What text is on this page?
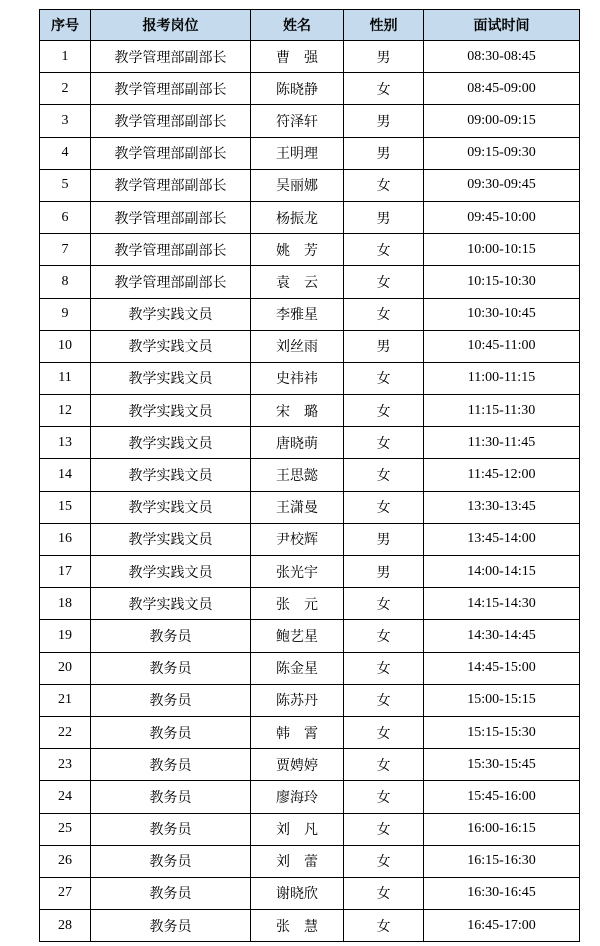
序号	报考岗位	姓名	性别	面试时间
1	教学管理部副部长	曹　强	男	08:30-08:45
2	教学管理部副部长	陈晓静	女	08:45-09:00
3	教学管理部副部长	符泽轩	男	09:00-09:15
4	教学管理部副部长	王明理	男	09:15-09:30
5	教学管理部副部长	吴丽娜	女	09:30-09:45
6	教学管理部副部长	杨振龙	男	09:45-10:00
7	教学管理部副部长	姚　芳	女	10:00-10:15
8	教学管理部副部长	袁　云	女	10:15-10:30
9	教学实践文员	李雅星	女	10:30-10:45
10	教学实践文员	刘丝雨	男	10:45-11:00
11	教学实践文员	史祎祎	女	11:00-11:15
12	教学实践文员	宋　璐	女	11:15-11:30
13	教学实践文员	唐晓萌	女	11:30-11:45
14	教学实践文员	王思懿	女	11:45-12:00
15	教学实践文员	王潇曼	女	13:30-13:45
16	教学实践文员	尹校辉	男	13:45-14:00
17	教学实践文员	张光宇	男	14:00-14:15
18	教学实践文员	张　元	女	14:15-14:30
19	教务员	鲍艺星	女	14:30-14:45
20	教务员	陈金星	女	14:45-15:00
21	教务员	陈苏丹	女	15:00-15:15
22	教务员	韩　霄	女	15:15-15:30
23	教务员	贾娉婷	女	15:30-15:45
24	教务员	廖海玲	女	15:45-16:00
25	教务员	刘　凡	女	16:00-16:15
26	教务员	刘　蕾	女	16:15-16:30
27	教务员	谢晓欣	女	16:30-16:45
28	教务员	张　慧	女	16:45-17:00
